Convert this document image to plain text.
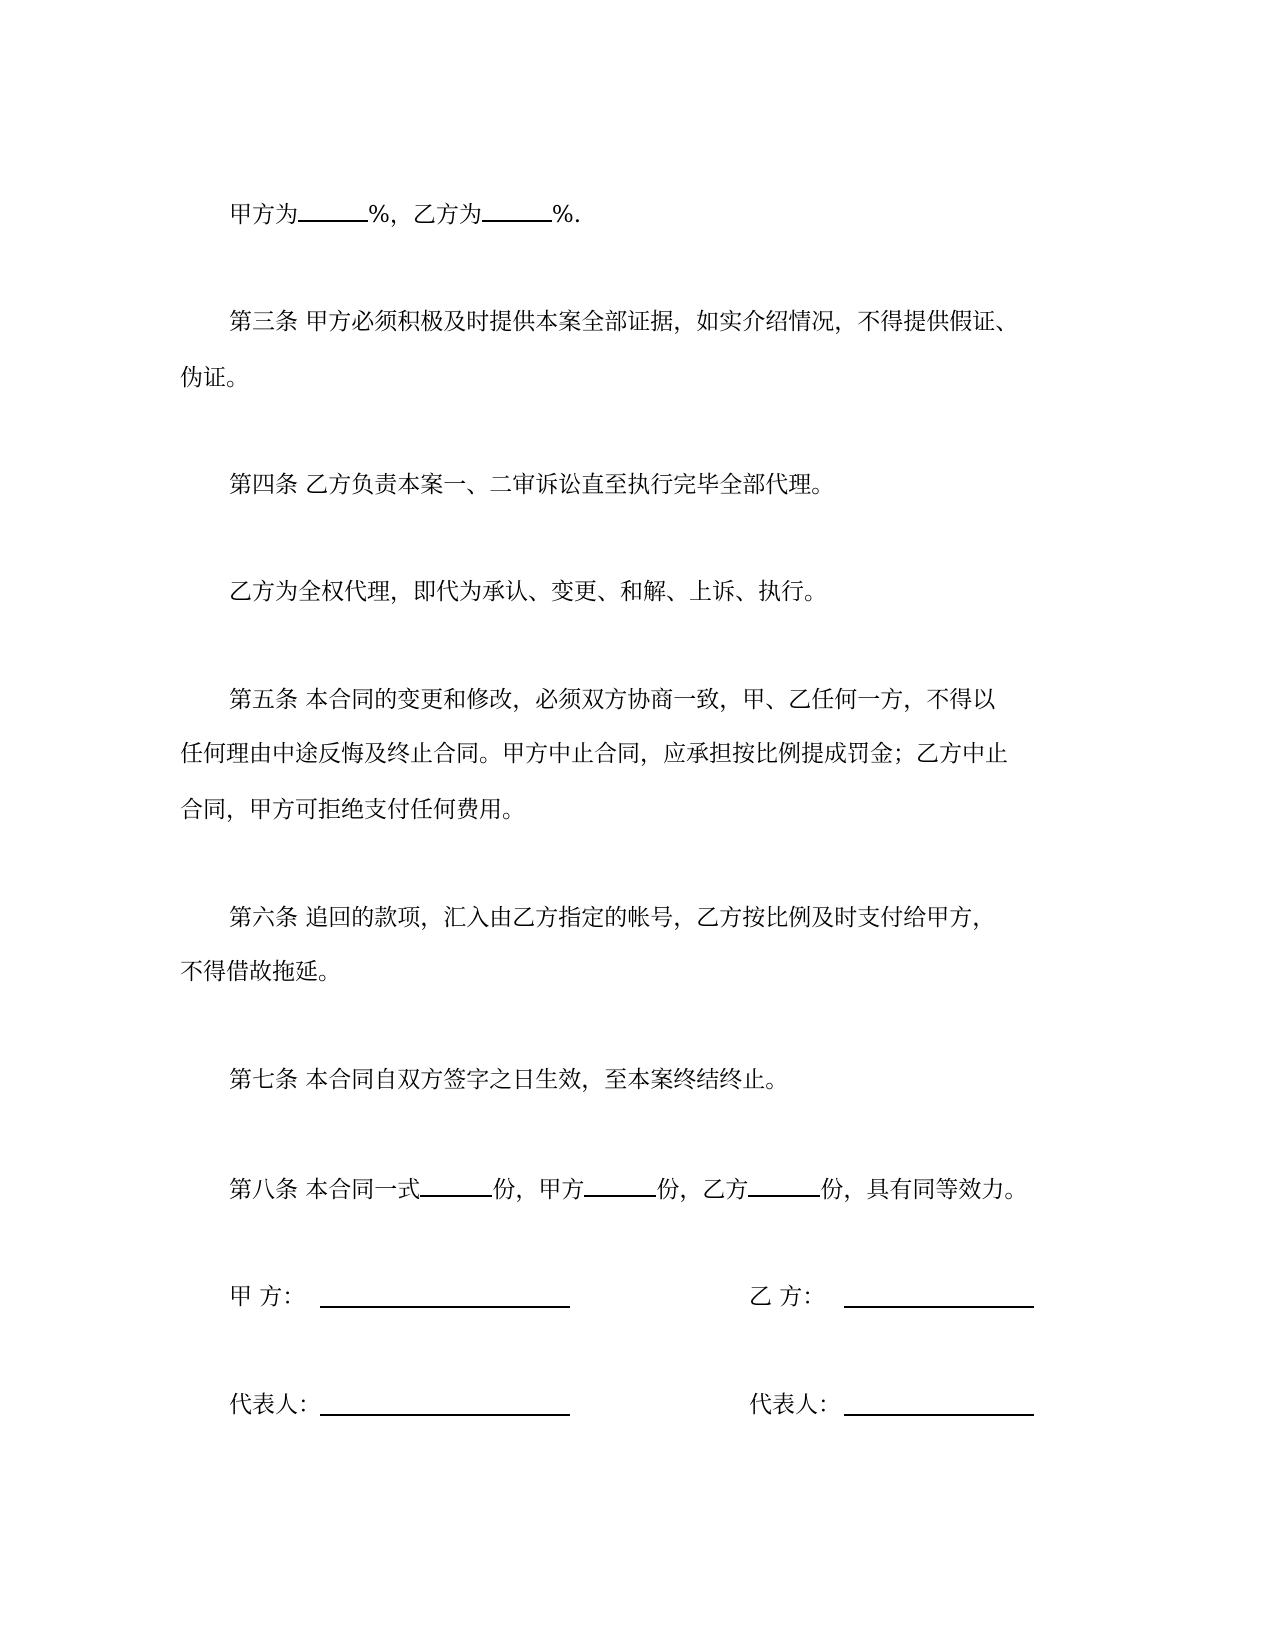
甲方为	%，乙方为	%.
第三条 甲方必须积极及时提供本案全部证据，如实介绍情况，不得提供假证、
伪证。
第四条 乙方负责本案一、二审诉讼直至执行完毕全部代理。
乙方为全权代理，即代为承认、变更、和解、上诉、执行。
第五条 本合同的变更和修改，必须双方协商一致，甲、乙任何一方，不得以
任何理由中途反悔及终止合同。甲方中止合同，应承担按比例提成罚金；乙方中止
合同，甲方可拒绝支付任何费用。
第六条 追回的款项，汇入由乙方指定的帐号，乙方按比例及时支付给甲方，
不得借故拖延。
第七条 本合同自双方签字之日生效，至本案终结终止。
第八条 本合同一式	份，甲方	份，乙方	份，具有同等效力。
甲 方：	乙 方：
代表人：	代表人：
